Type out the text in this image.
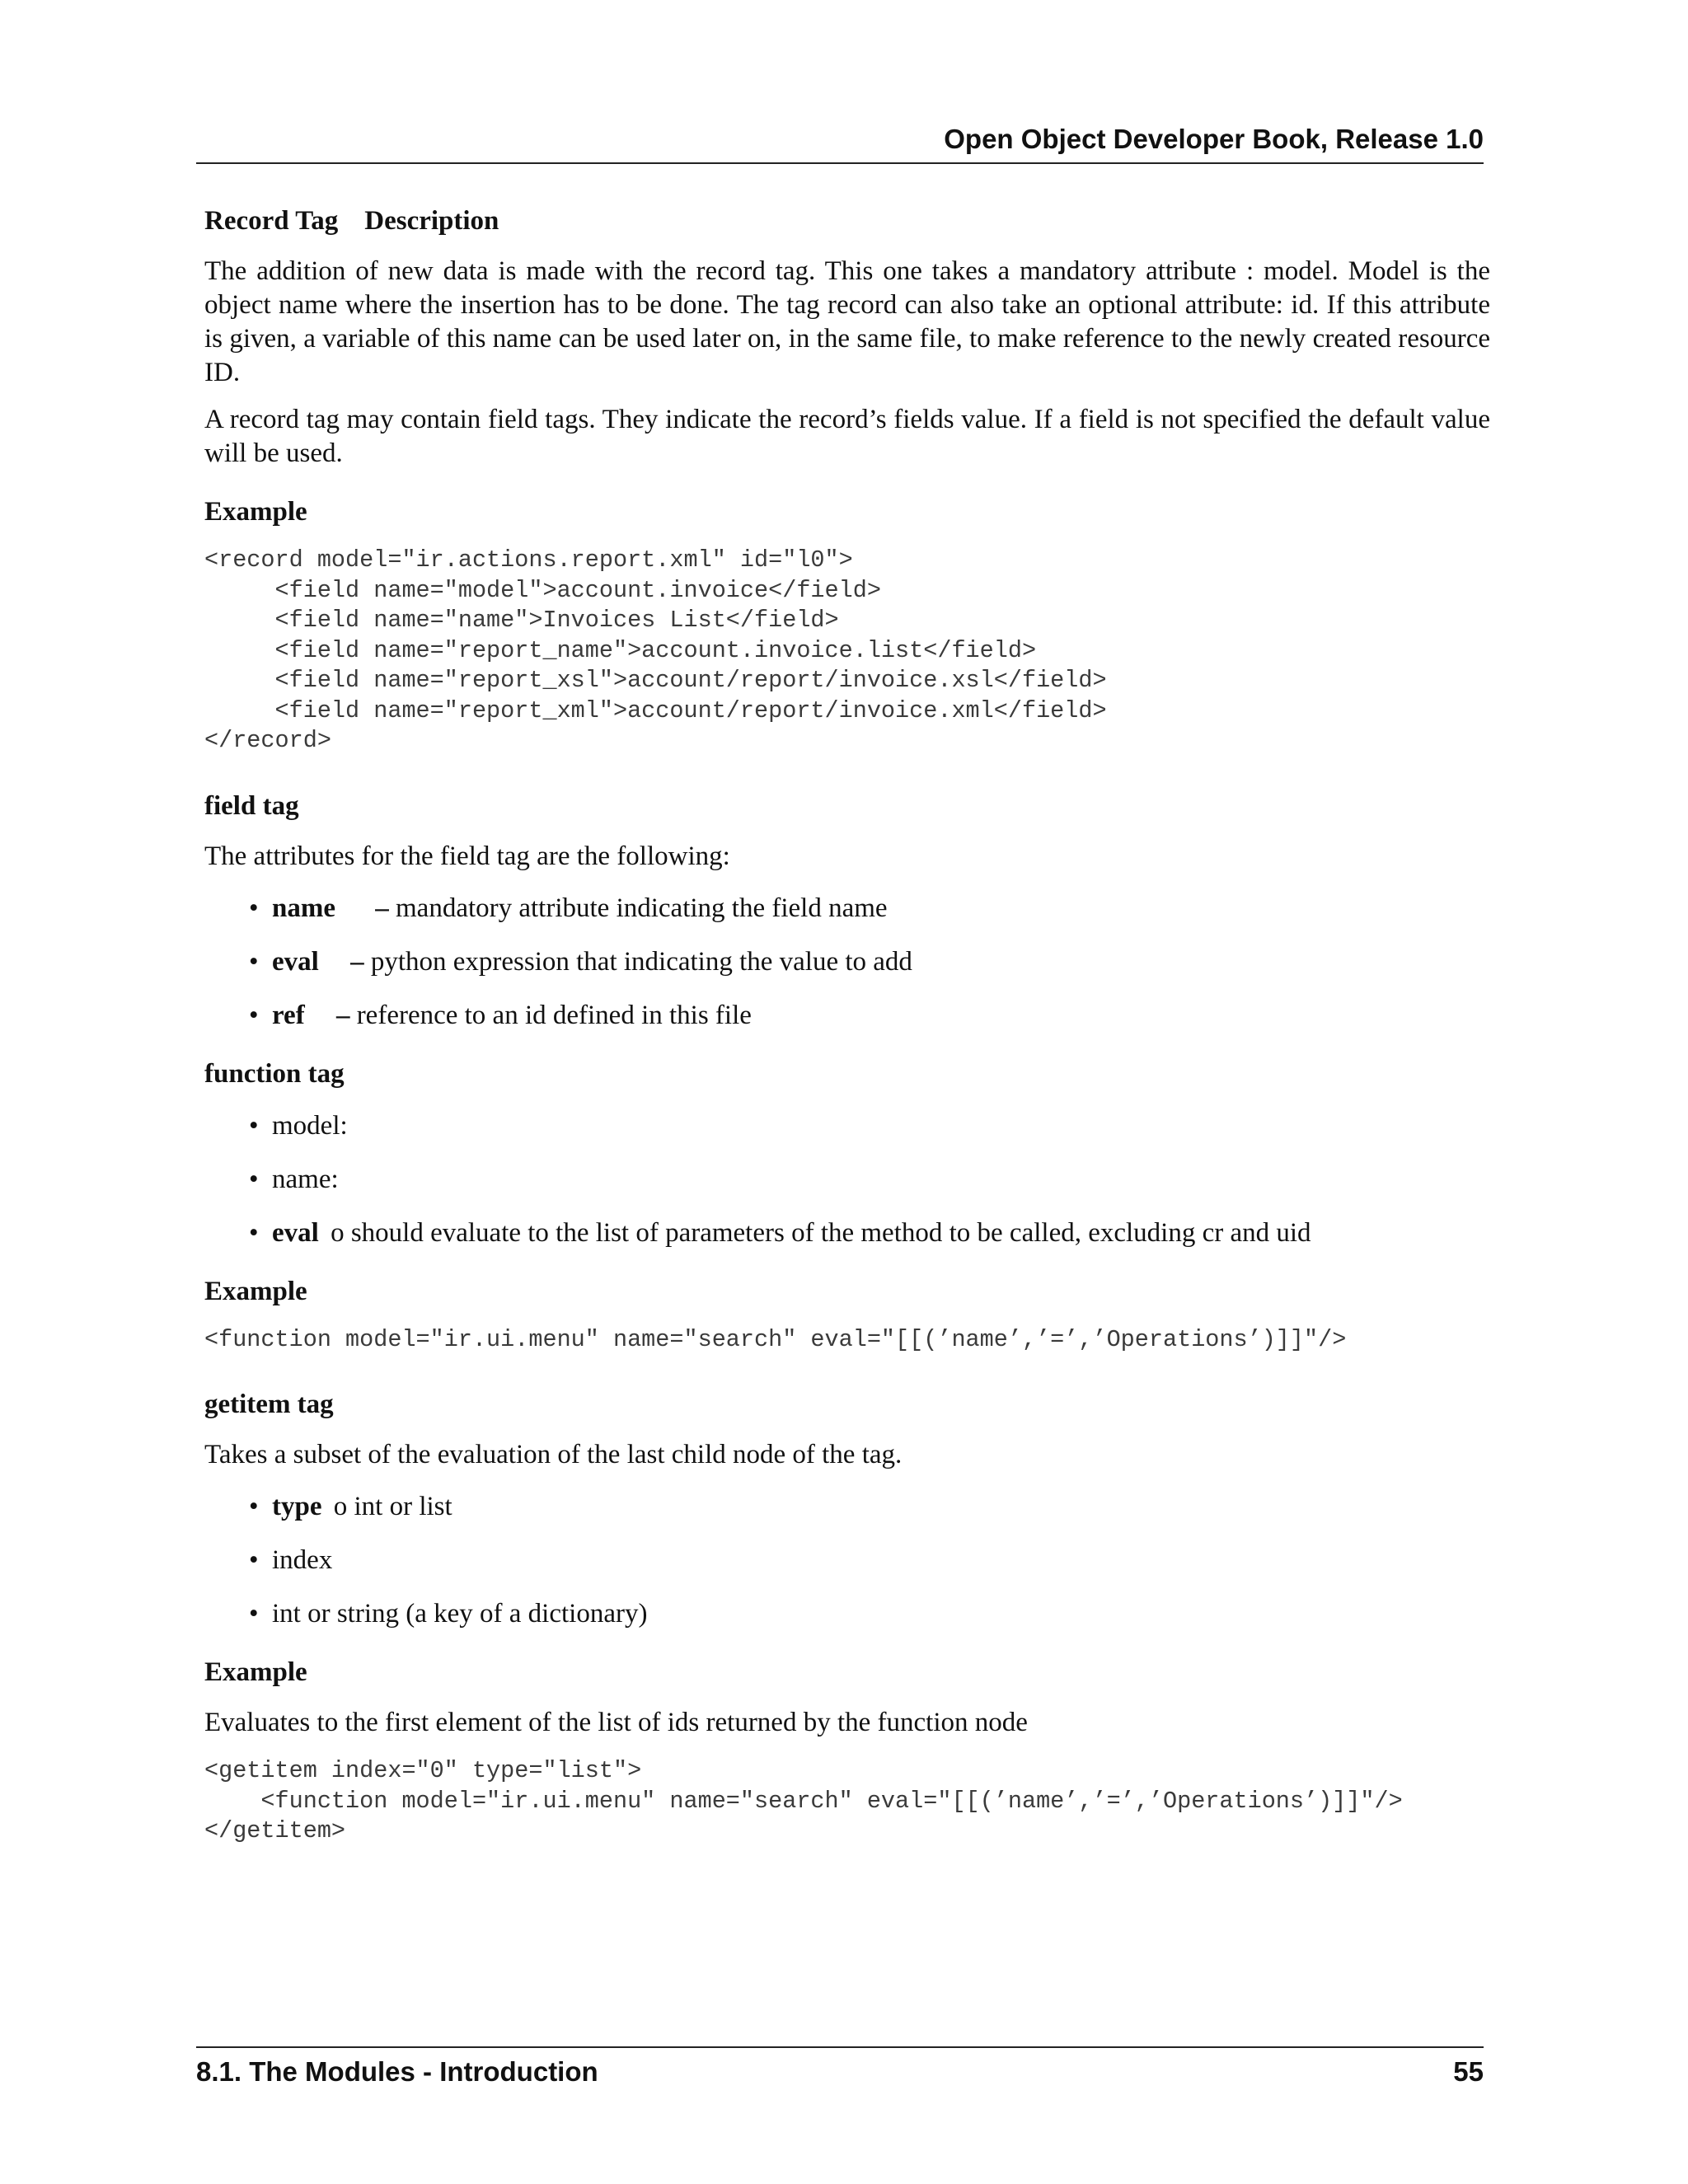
Open Object Developer Book, Release 1.0
Record Tag Description

The addition of new data is made with the record tag. This one takes a mandatory attribute : model. Model is the object name where the insertion has to be done. The tag record can also take an optional attribute: id. If this attribute is given, a variable of this name can be used later on, in the same file, to make reference to the newly created resource ID.

A record tag may contain field tags. They indicate the record’s fields value. If a field is not specified the default value will be used.

Example
<record model="ir.actions.report.xml" id="l0">
<field name="model">account.invoice</field>
<field name="name">Invoices List</field>
<field name="report_name">account.invoice.list</field>
<field name="report_xsl">account/report/invoice.xsl</field>
<field name="report_xml">account/report/invoice.xml</field>
</record>
field tag

The attributes for the field tag are the following:

• name – mandatory attribute indicating the field name
• eval – python expression that indicating the value to add
• ref – reference to an id defined in this file
function tag
• model:
• name:
• eval o should evaluate to the list of parameters of the method to be called, excluding cr and uid
Example
<function model="ir.ui.menu" name="search" eval="[[(’name’,’=’,’Operations’)]]"/>
getitem tag

Takes a subset of the evaluation of the last child node of the tag.

• type o int or list
• index
• int or string (a key of a dictionary)
Example

Evaluates to the first element of the list of ids returned by the function node

<getitem index="0" type="list">
<function model="ir.ui.menu" name="search" eval="[[(’name’,’=’,’Operations’)]]"/>
</getitem>
8.1. The Modules - Introduction	55
